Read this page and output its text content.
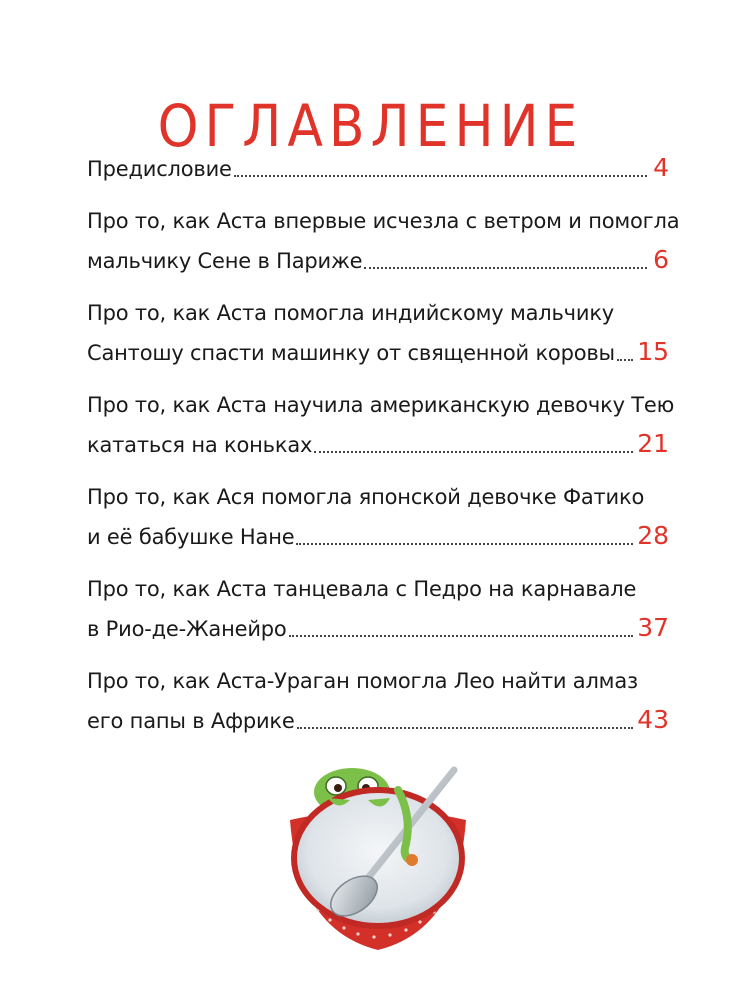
ОГЛАВЛЕНИЕ
Предисловие	4
Про то, как Аста впервые исчезла с ветром и помогла
мальчику Сене в Париже	6
Про то, как Аста помогла индийскому мальчику
Сантошу спасти машинку от священной коровы 15
Про то, как Аста научила американскую девочку Тею
кататься на коньках	21
Про то, как Ася помогла японской девочке Фатико
и её бабушке Нане	28
Про то, как Аста танцевала с Педро на карнавале
в Рио-де-Жанейро	37
Про то, как Аста-Ураган помогла Лео найти алмаз
его папы в Африке	43
